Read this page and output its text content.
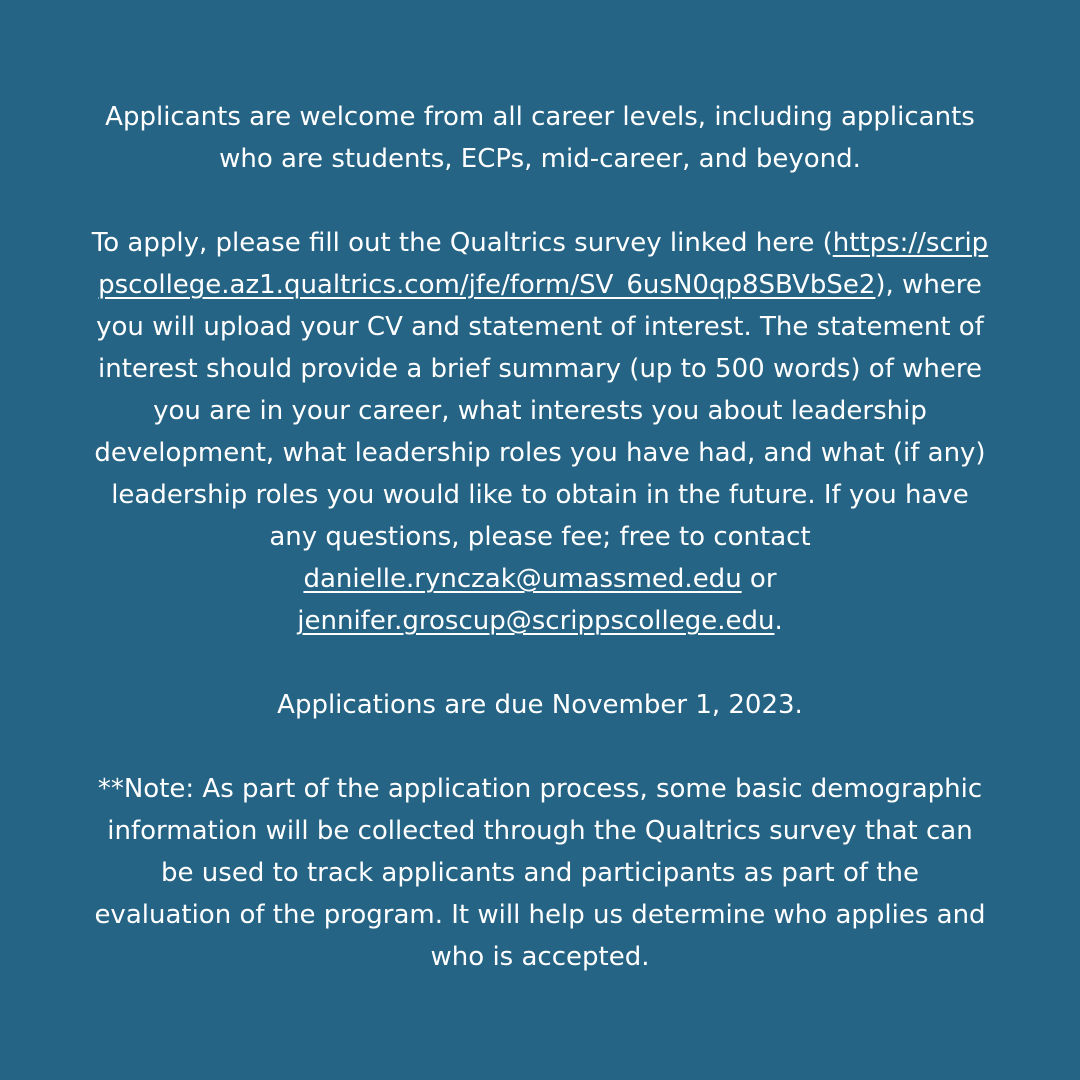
Applicants are welcome from all career levels, including applicants who are students, ECPs, mid-career, and beyond.

To apply, please fill out the Qualtrics survey linked here (https://scrippscollege.az1.qualtrics.com/jfe/form/SV_6usN0qp8SBVbSe2), where you will upload your CV and statement of interest. The statement of interest should provide a brief summary (up to 500 words) of where you are in your career, what interests you about leadership development, what leadership roles you have had, and what (if any) leadership roles you would like to obtain in the future. If you have any questions, please fee; free to contact danielle.rynczak@umassmed.edu or jennifer.groscup@scrippscollege.edu.

Applications are due November 1, 2023.

**Note: As part of the application process, some basic demographic information will be collected through the Qualtrics survey that can be used to track applicants and participants as part of the evaluation of the program. It will help us determine who applies and who is accepted.
